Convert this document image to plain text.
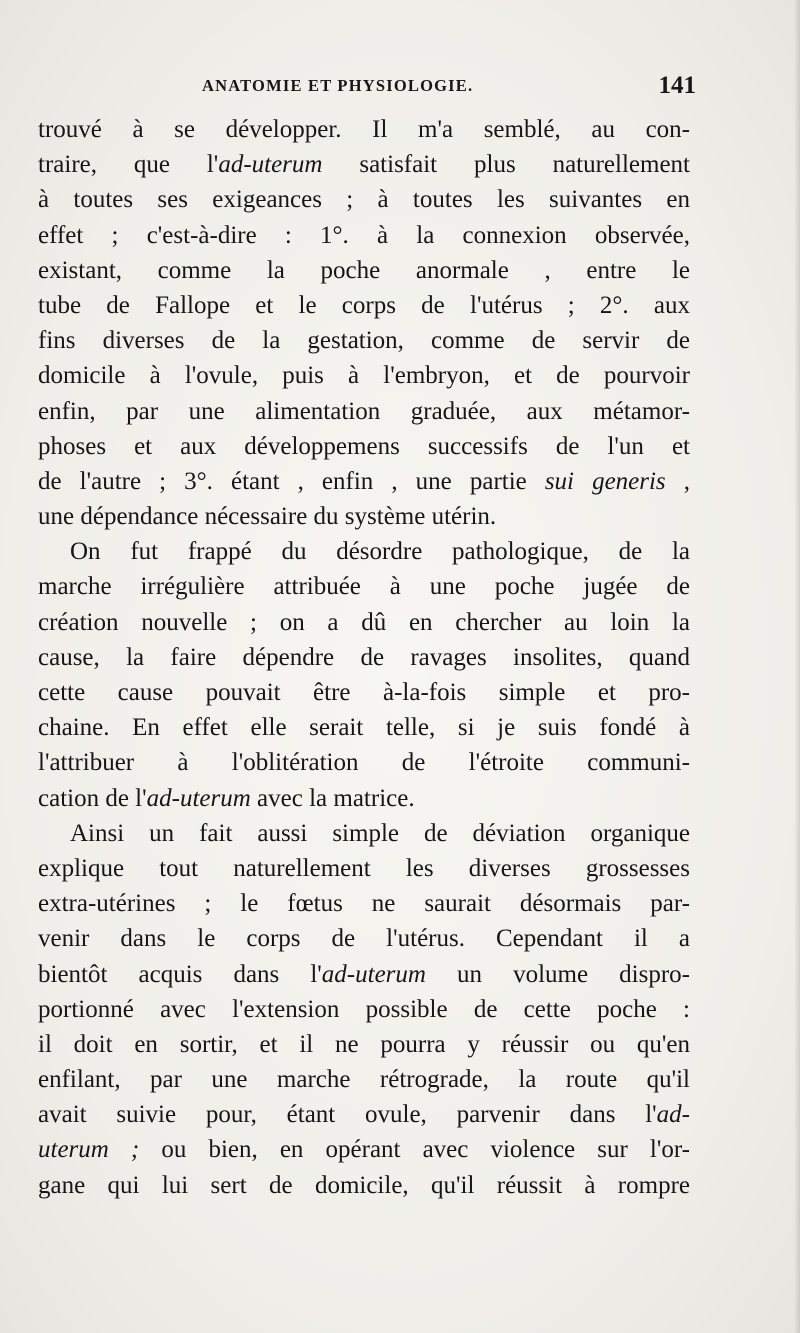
ANATOMIE ET PHYSIOLOGIE.	141
trouvé à se développer. Il m'a semblé, au con-
traire, que l'ad-uterum satisfait plus naturellement
à toutes ses exigeances ; à toutes les suivantes en
effet ; c'est-à-dire : 1°. à la connexion observée,
existant, comme la poche anormale , entre le
tube de Fallope et le corps de l'utérus ; 2°. aux
fins diverses de la gestation, comme de servir de
domicile à l'ovule, puis à l'embryon, et de pourvoir
enfin, par une alimentation graduée, aux métamor-
phoses et aux développemens successifs de l'un et
de l'autre ; 3°. étant , enfin , une partie sui generis ,
une dépendance nécessaire du système utérin.
On fut frappé du désordre pathologique, de la
marche irrégulière attribuée à une poche jugée de
création nouvelle ; on a dû en chercher au loin la
cause, la faire dépendre de ravages insolites, quand
cette cause pouvait être à-la-fois simple et pro-
chaine. En effet elle serait telle, si je suis fondé à
l'attribuer à l'oblitération de l'étroite communi-
cation de l'ad-uterum avec la matrice.
Ainsi un fait aussi simple de déviation organique
explique tout naturellement les diverses grossesses
extra-utérines ; le fœtus ne saurait désormais par-
venir dans le corps de l'utérus. Cependant il a
bientôt acquis dans l'ad-uterum un volume dispro-
portionné avec l'extension possible de cette poche :
il doit en sortir, et il ne pourra y réussir ou qu'en
enfilant, par une marche rétrograde, la route qu'il
avait suivie pour, étant ovule, parvenir dans l'ad-
uterum ; ou bien, en opérant avec violence sur l'or-
gane qui lui sert de domicile, qu'il réussit à rompre
